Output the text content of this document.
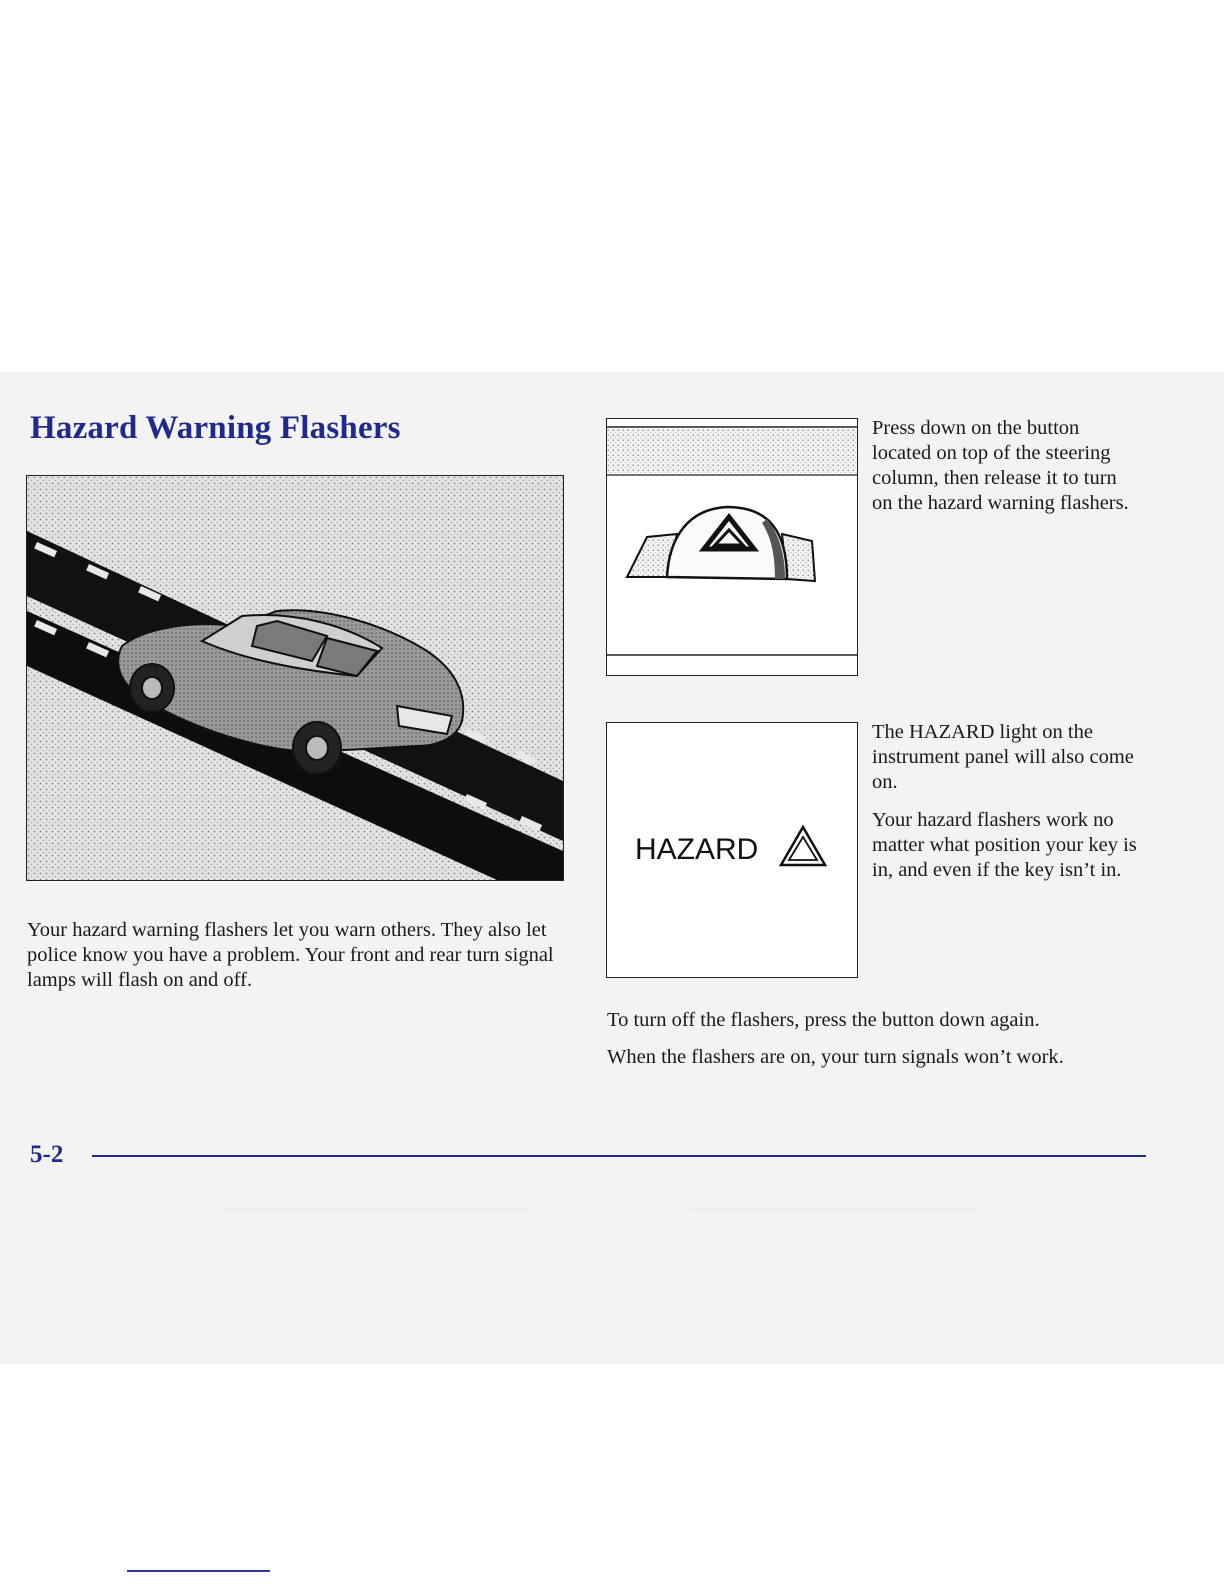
Hazard Warning Flashers

Your hazard warning flashers let you warn others. They also let police know you have a problem. Your front and rear turn signal lamps will flash on and off.

Press down on the button located on top of the steering column, then release it to turn on the hazard warning flashers.

HAZARD

The HAZARD light on the instrument panel will also come on.

Your hazard flashers work no matter what position your key is in, and even if the key isn’t in.

To turn off the flashers, press the button down again.

When the flashers are on, your turn signals won’t work.

5-2
